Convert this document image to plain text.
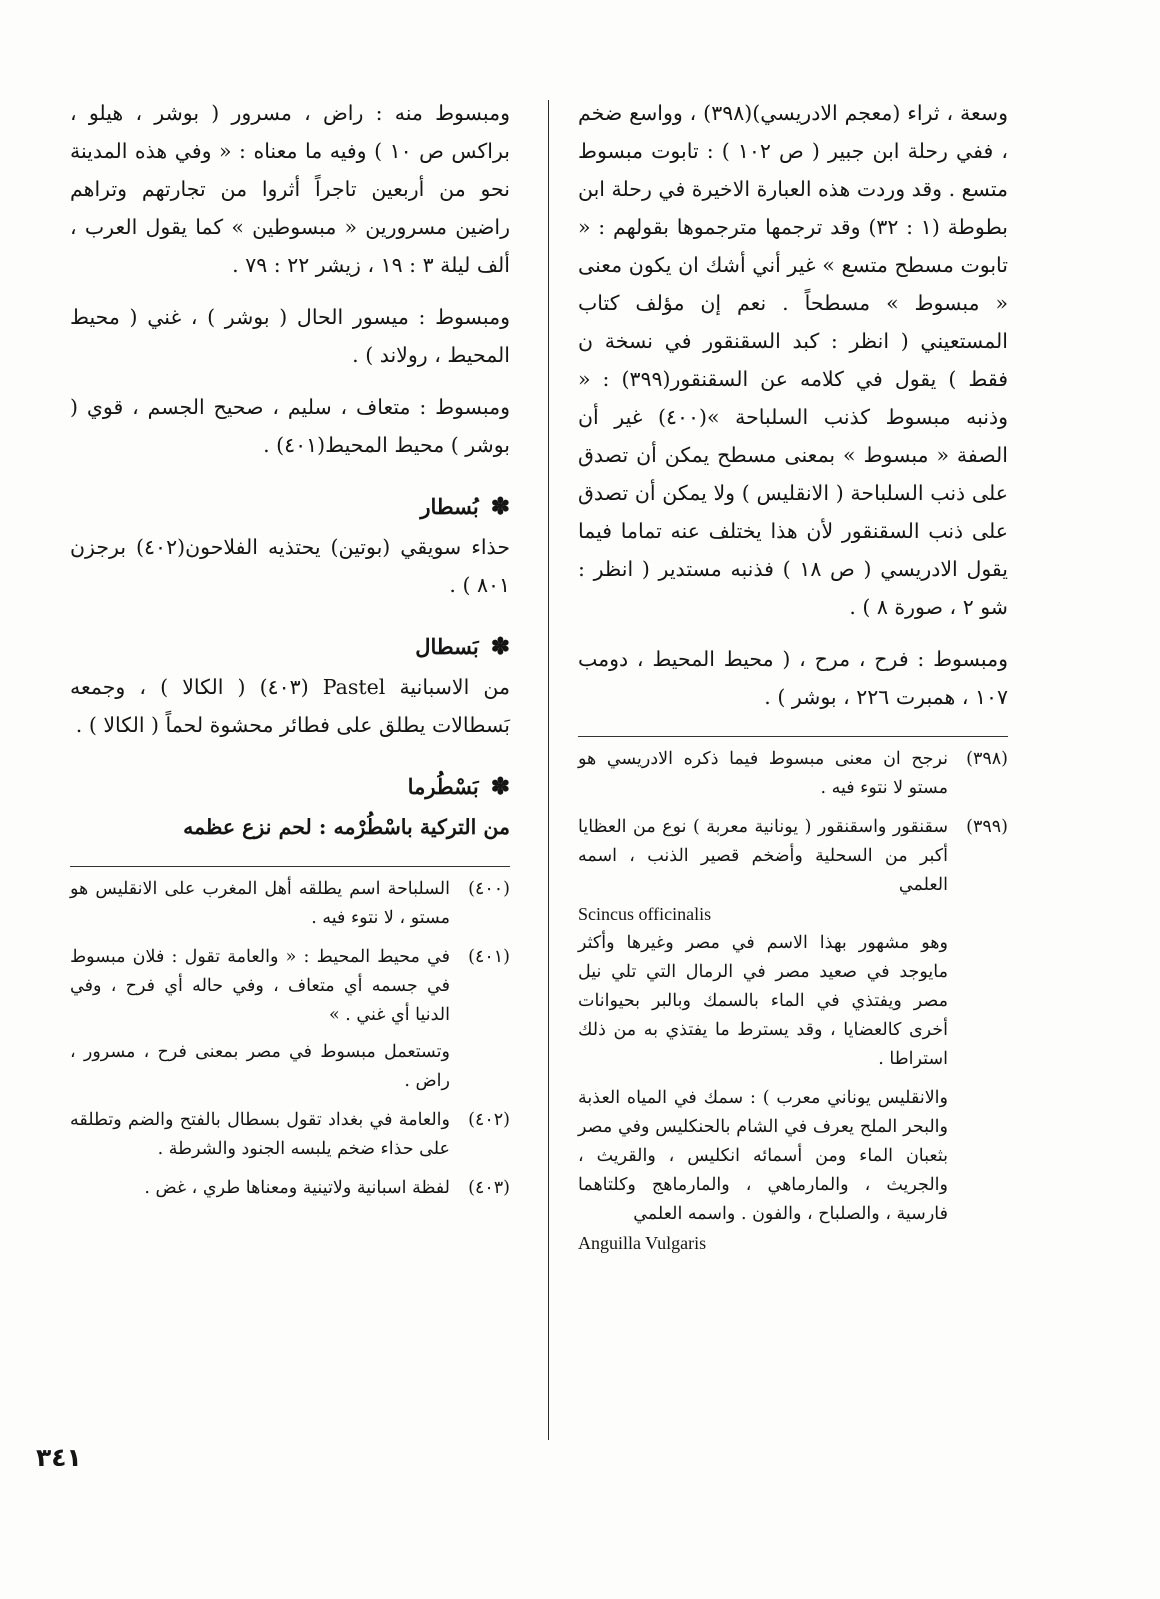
وسعة ، ثراء (معجم الادريسي)(٣٩٨) ، وواسع ضخم ، ففي رحلة ابن جبير ( ص ١٠٢ ) : تابوت مبسوط متسع . وقد وردت هذه العبارة الاخيرة في رحلة ابن بطوطة (١ : ٣٢) وقد ترجمها مترجموها بقولهم : « تابوت مسطح متسع » غير أني أشك ان يكون معنى « مبسوط » مسطحاً . نعم إن مؤلف كتاب المستعيني ( انظر : كبد السقنقور في نسخة ن فقط ) يقول في كلامه عن السقنقور(٣٩٩) : « وذنبه مبسوط كذنب السلباحة »(٤٠٠) غير أن الصفة « مبسوط » بمعنى مسطح يمكن أن تصدق على ذنب السلباحة ( الانقليس ) ولا يمكن أن تصدق على ذنب السقنقور لأن هذا يختلف عنه تماما فيما يقول الادريسي ( ص ١٨ ) فذنبه مستدير ( انظر : شو ٢ ، صورة ٨ ) .

ومبسوط : فرح ، مرح ، ( محيط المحيط ، دومب ١٠٧ ، همبرت ٢٢٦ ، بوشر ) .

(٣٩٨)
نرجح ان معنى مبسوط فيما ذكره الادريسي هو مستو لا نتوء فيه .
(٣٩٩)
سقنقور واسقنقور ( يونانية معربة ) نوع من العظايا أكبر من السحلية وأضخم قصير الذنب ، اسمه العلمي
Scincus officinalis
وهو مشهور بهذا الاسم في مصر وغيرها وأكثر مايوجد في صعيد مصر في الرمال التي تلي نيل مصر ويفتذي في الماء بالسمك وبالبر بحيوانات أخرى كالعضايا ، وقد يسترط ما يفتذي به من ذلك استراطا .
والانقليس يوناني معرب ) : سمك في المياه العذبة والبحر الملح يعرف في الشام بالحنكليس وفي مصر بثعبان الماء ومن أسمائه انكليس ، والقريث ، والجريث ، والمارماهي ، والمارماهج وكلتاهما فارسية ، والصلباح ، والفون . واسمه العلمي
Anguilla Vulgaris

ومبسوط منه : راض ، مسرور ( بوشر ، هيلو ، براكس ص ١٠ ) وفيه ما معناه : « وفي هذه المدينة نحو من أربعين تاجراً أثروا من تجارتهم وتراهم راضين مسرورين « مبسوطين » كما يقول العرب ، ألف ليلة ٣ : ١٩ ، زيشر ٢٢ : ٧٩ .

ومبسوط : ميسور الحال ( بوشر ) ، غني ( محيط المحيط ، رولاند ) .

ومبسوط : متعاف ، سليم ، صحيح الجسم ، قوي ( بوشر ) محيط المحيط(٤٠١) .

✽
بُسطار

حذاء سويقي (بوتين) يحتذيه الفلاحون(٤٠٢) برجزن ٨٠١ ) .

✽
بَسطال

من الاسبانية Pastel (٤٠٣) ( الكالا ) ، وجمعه بَسطالات يطلق على فطائر محشوة لحماً ( الكالا ) .

✽
بَسْطُرما

من التركية باسْطُرْمه : لحم نزع عظمه

(٤٠٠)
السلباحة اسم يطلقه أهل المغرب على الانقليس هو مستو ، لا نتوء فيه .
(٤٠١)
في محيط المحيط : « والعامة تقول : فلان مبسوط في جسمه أي متعاف ، وفي حاله أي فرح ، وفي الدنيا أي غني . »
وتستعمل مبسوط في مصر بمعنى فرح ، مسرور ، راض .
(٤٠٢)
والعامة في بغداد تقول بسطال بالفتح والضم وتطلقه على حذاء ضخم يلبسه الجنود والشرطة .
(٤٠٣)
لفظة اسبانية ولاتينية ومعناها طري ، غض .
٣٤١
